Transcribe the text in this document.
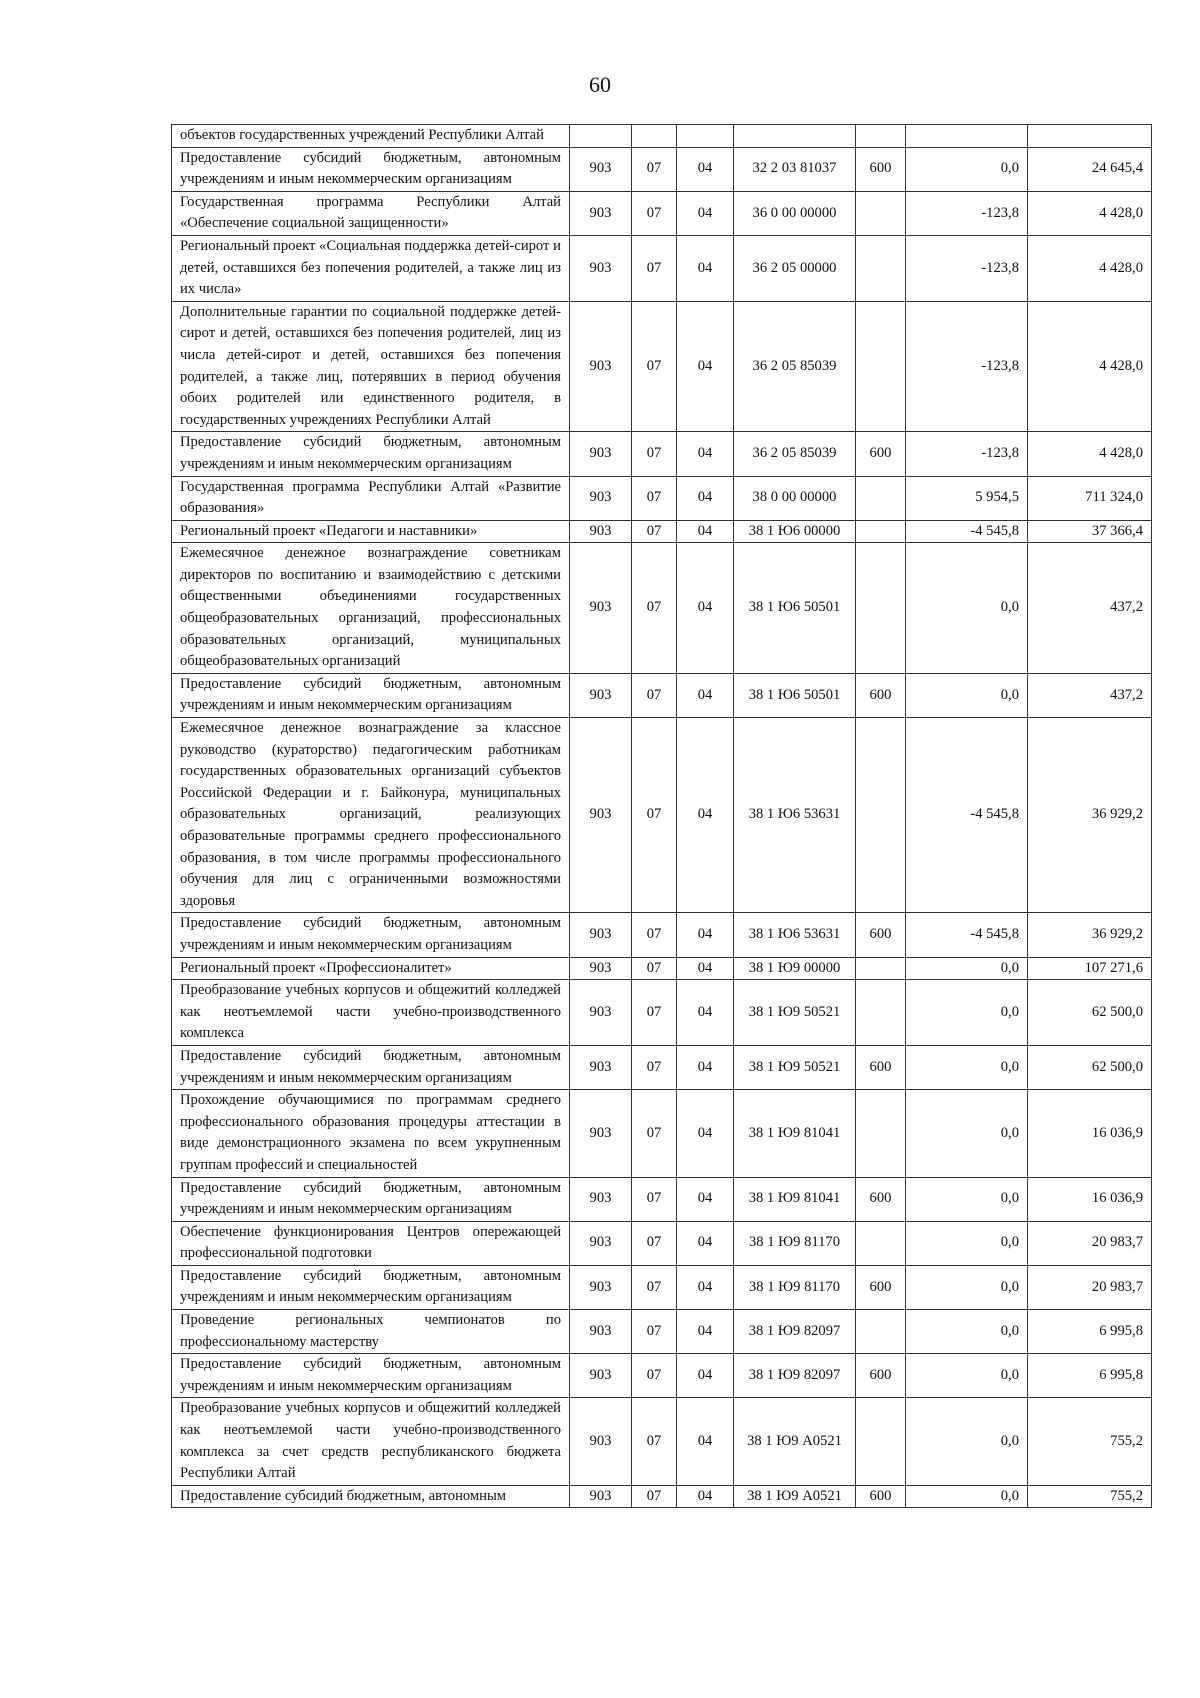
60
объектов государственных учреждений Республики Алтай							
Предоставление субсидий бюджетным, автономным учреждениям и иным некоммерческим организациям	903	07	04	32 2 03 81037	600	0,0	24 645,4
Государственная программа Республики Алтай «Обеспечение социальной защищенности»	903	07	04	36 0 00 00000		-123,8	4 428,0
Региональный проект «Социальная поддержка детей-сирот и детей, оставшихся без попечения родителей, а также лиц из их числа»	903	07	04	36 2 05 00000		-123,8	4 428,0
Дополнительные гарантии по социальной поддержке детей-сирот и детей, оставшихся без попечения родителей, лиц из числа детей-сирот и детей, оставшихся без попечения родителей, а также лиц, потерявших в период обучения обоих родителей или единственного родителя, в государственных учреждениях Республики Алтай	903	07	04	36 2 05 85039		-123,8	4 428,0
Предоставление субсидий бюджетным, автономным учреждениям и иным некоммерческим организациям	903	07	04	36 2 05 85039	600	-123,8	4 428,0
Государственная программа Республики Алтай «Развитие образования»	903	07	04	38 0 00 00000		5 954,5	711 324,0
Региональный проект «Педагоги и наставники»	903	07	04	38 1 Ю6 00000		-4 545,8	37 366,4
Ежемесячное денежное вознаграждение советникам директоров по воспитанию и взаимодействию с детскими общественными объединениями государственных общеобразовательных организаций, профессиональных образовательных организаций, муниципальных общеобразовательных организаций	903	07	04	38 1 Ю6 50501		0,0	437,2
Предоставление субсидий бюджетным, автономным учреждениям и иным некоммерческим организациям	903	07	04	38 1 Ю6 50501	600	0,0	437,2
Ежемесячное денежное вознаграждение за классное руководство (кураторство) педагогическим работникам государственных образовательных организаций субъектов Российской Федерации и г. Байконура, муниципальных образовательных организаций, реализующих образовательные программы среднего профессионального образования, в том числе программы профессионального обучения для лиц с ограниченными возможностями здоровья	903	07	04	38 1 Ю6 53631		-4 545,8	36 929,2
Предоставление субсидий бюджетным, автономным учреждениям и иным некоммерческим организациям	903	07	04	38 1 Ю6 53631	600	-4 545,8	36 929,2
Региональный проект «Профессионалитет»	903	07	04	38 1 Ю9 00000		0,0	107 271,6
Преобразование учебных корпусов и общежитий колледжей как неотъемлемой части учебно-производственного комплекса	903	07	04	38 1 Ю9 50521		0,0	62 500,0
Предоставление субсидий бюджетным, автономным учреждениям и иным некоммерческим организациям	903	07	04	38 1 Ю9 50521	600	0,0	62 500,0
Прохождение обучающимися по программам среднего профессионального образования процедуры аттестации в виде демонстрационного экзамена по всем укрупненным группам профессий и специальностей	903	07	04	38 1 Ю9 81041		0,0	16 036,9
Предоставление субсидий бюджетным, автономным учреждениям и иным некоммерческим организациям	903	07	04	38 1 Ю9 81041	600	0,0	16 036,9
Обеспечение функционирования Центров опережающей профессиональной подготовки	903	07	04	38 1 Ю9 81170		0,0	20 983,7
Предоставление субсидий бюджетным, автономным учреждениям и иным некоммерческим организациям	903	07	04	38 1 Ю9 81170	600	0,0	20 983,7
Проведение региональных чемпионатов по профессиональному мастерству	903	07	04	38 1 Ю9 82097		0,0	6 995,8
Предоставление субсидий бюджетным, автономным учреждениям и иным некоммерческим организациям	903	07	04	38 1 Ю9 82097	600	0,0	6 995,8
Преобразование учебных корпусов и общежитий колледжей как неотъемлемой части учебно-производственного комплекса за счет средств республиканского бюджета Республики Алтай	903	07	04	38 1 Ю9 A0521		0,0	755,2
Предоставление субсидий бюджетным, автономным	903	07	04	38 1 Ю9 A0521	600	0,0	755,2
